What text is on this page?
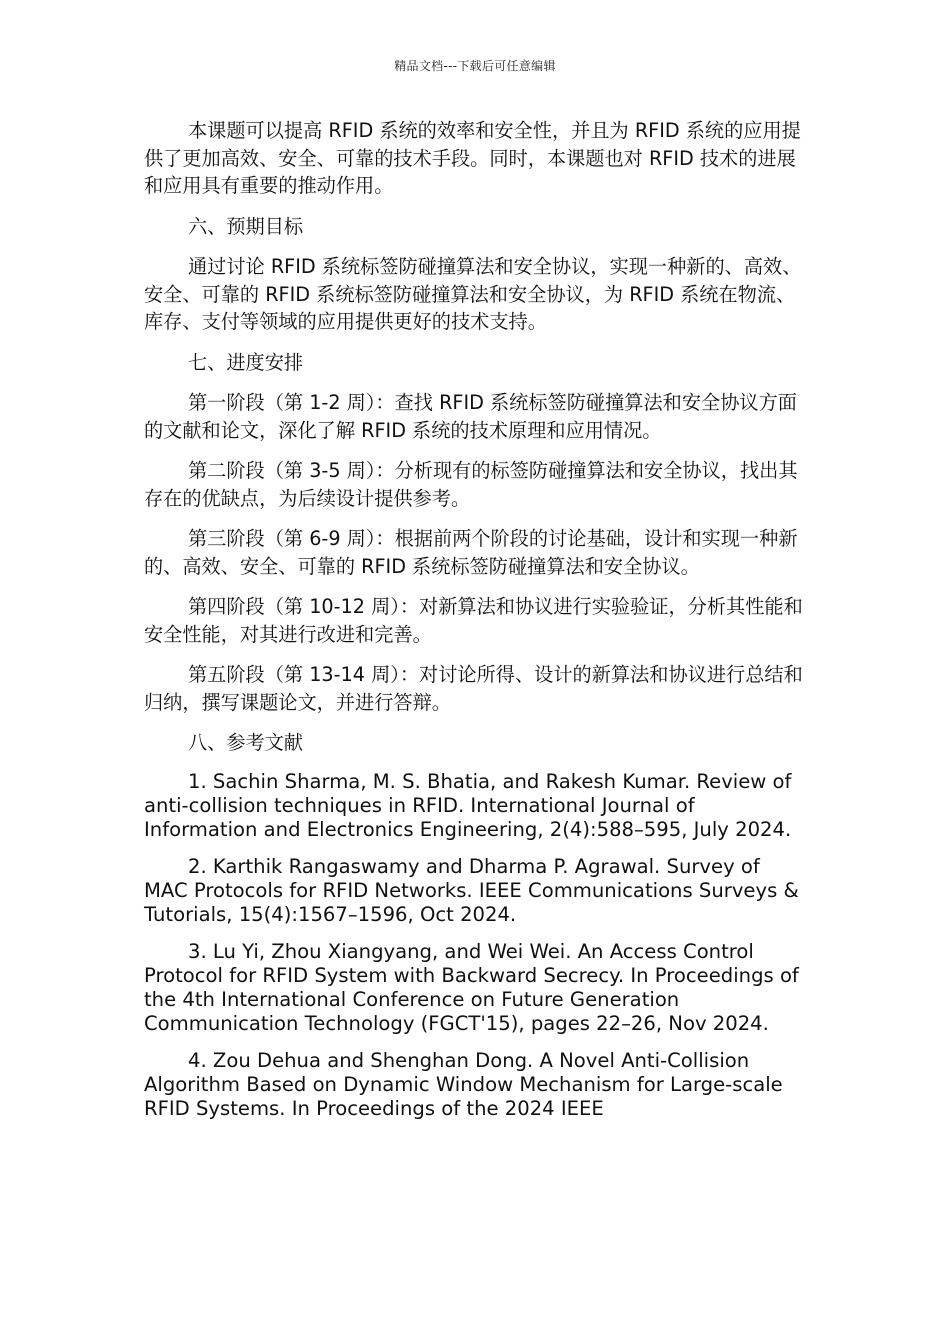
精品文档---下载后可任意编辑

本课题可以提高 RFID 系统的效率和安全性，并且为 RFID 系统的应用提供了更加高效、安全、可靠的技术手段。同时，本课题也对 RFID 技术的进展和应用具有重要的推动作用。

六、预期目标

通过讨论 RFID 系统标签防碰撞算法和安全协议，实现一种新的、高效、安全、可靠的 RFID 系统标签防碰撞算法和安全协议，为 RFID 系统在物流、库存、支付等领域的应用提供更好的技术支持。

七、进度安排

第一阶段（第 1-2 周）：查找 RFID 系统标签防碰撞算法和安全协议方面的文献和论文，深化了解 RFID 系统的技术原理和应用情况。

第二阶段（第 3-5 周）：分析现有的标签防碰撞算法和安全协议，找出其存在的优缺点，为后续设计提供参考。

第三阶段（第 6-9 周）：根据前两个阶段的讨论基础，设计和实现一种新的、高效、安全、可靠的 RFID 系统标签防碰撞算法和安全协议。

第四阶段（第 10-12 周）：对新算法和协议进行实验验证，分析其性能和安全性能，对其进行改进和完善。

第五阶段（第 13-14 周）：对讨论所得、设计的新算法和协议进行总结和归纳，撰写课题论文，并进行答辩。

八、参考文献

1. Sachin Sharma, M. S. Bhatia, and Rakesh Kumar. Review of anti-collision techniques in RFID. International Journal of Information and Electronics Engineering, 2(4):588–595, July 2024.

2. Karthik Rangaswamy and Dharma P. Agrawal. Survey of MAC Protocols for RFID Networks. IEEE Communications Surveys & Tutorials, 15(4):1567–1596, Oct 2024.

3. Lu Yi, Zhou Xiangyang, and Wei Wei. An Access Control Protocol for RFID System with Backward Secrecy. In Proceedings of the 4th International Conference on Future Generation Communication Technology (FGCT'15), pages 22–26, Nov 2024.

4. Zou Dehua and Shenghan Dong. A Novel Anti-Collision Algorithm Based on Dynamic Window Mechanism for Large-scale RFID Systems. In Proceedings of the 2024 IEEE
